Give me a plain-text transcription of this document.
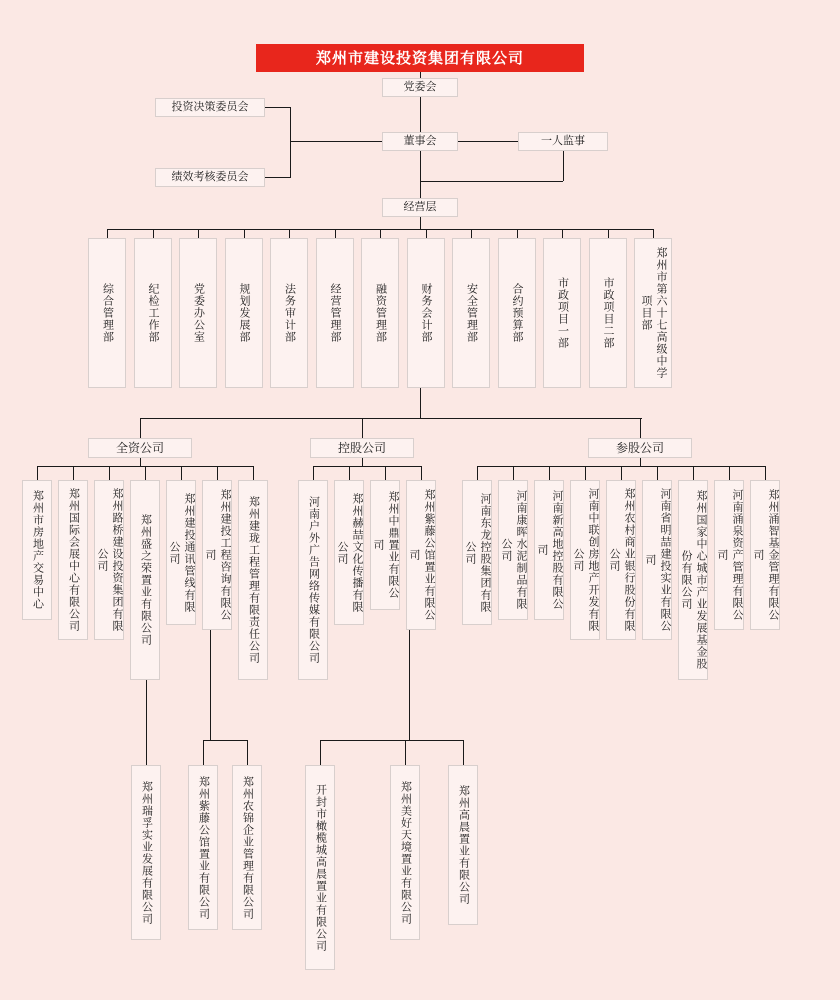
郑州市建设投资集团有限公司
党委会
投资决策委员会
绩效考核委员会
董事会	一人监事
经营层
综合管理部	纪检工作部	党委办公室	规划发展部	法务审计部	经营管理部	融资管理部	财务会计部	安全管理部	合约预算部	市政项目一部	市政项目二部	郑州市第六十七高级中学项目部
全资公司	控股公司	参股公司
郑州市房地产交易中心	郑州国际会展中心有限公司	郑州路桥建设投资集团有限公司	郑州盛之荣置业有限公司	郑州建投通讯管线有限公司	郑州建投工程咨询有限公司	郑州建珑工程管理有限责任公司	河南户外广告网络传媒有限公司	郑州赫喆文化传播有限公司	郑州中鼎置业有限公司	郑州紫藤公馆置业有限公司	河南东龙控股集团有限公司	河南康晖水泥制品有限公司	河南新高地控股有限公司	河南中联创房地产开发有限公司	郑州农村商业银行股份有限公司	河南省明喆建投实业有限公司	郑州国家中心城市产业发展基金股份有限公司	河南涌泉资产管理有限公司	郑州涌智基金管理有限公司
郑州瑞孚实业发展有限公司	郑州紫藤公馆置业有限公司	郑州农锦企业管理有限公司	开封市橄榄城高晨置业有限公司	郑州美好天境置业有限公司	郑州高晨置业有限公司
